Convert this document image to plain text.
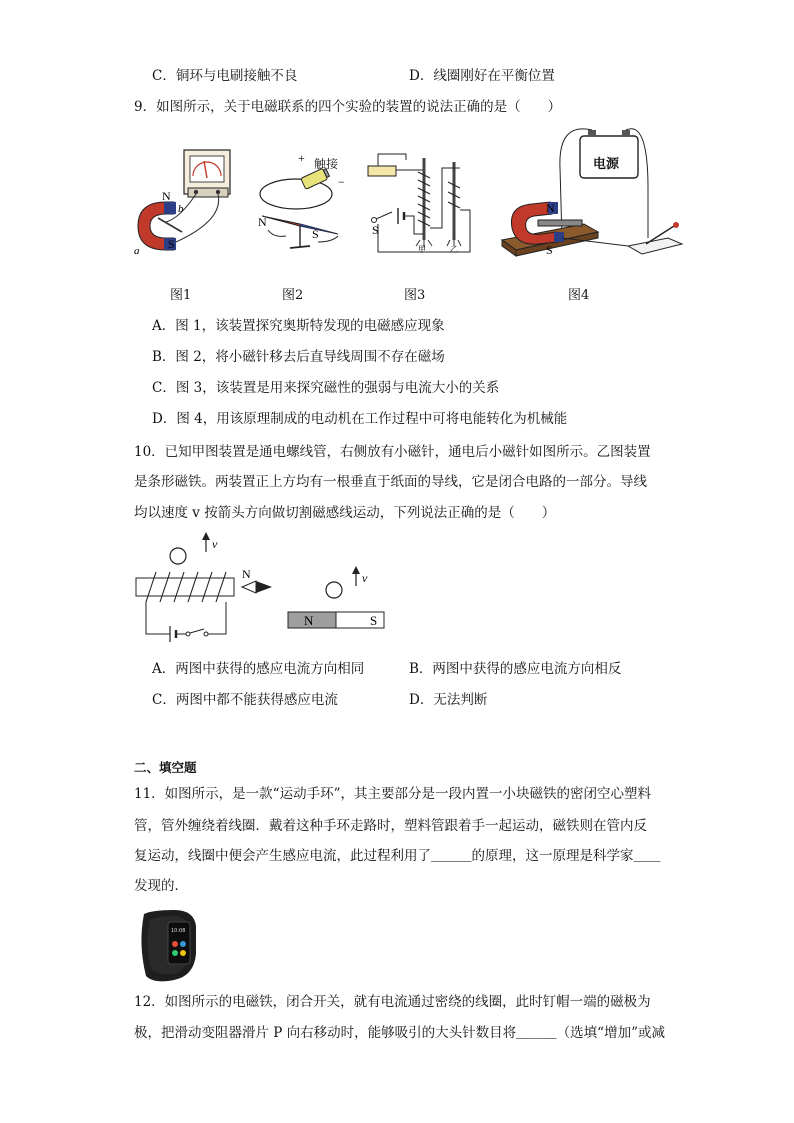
C．铜环与电刷接触不良	D．线圈刚好在平衡位置
9．如图所示，关于电磁联系的四个实验的装置的说法正确的是（　　）
N
S
a
b
图1
+
−
N
S
触接
图2
S
甲	乙
图3
N
S
电源
图4
A．图 1，该装置探究奥斯特发现的电磁感应现象
B．图 2，将小磁针移去后直导线周围不存在磁场
C．图 3，该装置是用来探究磁性的强弱与电流大小的关系
D．图 4，用该原理制成的电动机在工作过程中可将电能转化为机械能
10．已知甲图装置是通电螺线管，右侧放有小磁针，通电后小磁针如图所示。乙图装置
是条形磁铁。两装置正上方均有一根垂直于纸面的导线，它是闭合电路的一部分。导线
均以速度 v 按箭头方向做切割磁感线运动，下列说法正确的是（　　）
v
N	v
N	S
A．两图中获得的感应电流方向相同	B．两图中获得的感应电流方向相反
C．两图中都不能获得感应电流	D．无法判断
二、填空题
11．如图所示，是一款“运动手环”，其主要部分是一段内置一小块磁铁的密闭空心塑料
管，管外缠绕着线圈．戴着这种手环走路时，塑料管跟着手一起运动，磁铁则在管内反
复运动，线圈中便会产生感应电流，此过程利用了＿＿＿的原理，这一原理是科学家＿＿
发现的．
10:08
12．如图所示的电磁铁，闭合开关，就有电流通过密绕的线圈，此时钉帽一端的磁极为
极，把滑动变阻器滑片 P 向右移动时，能够吸引的大头针数目将＿＿＿（选填“增加”或减
